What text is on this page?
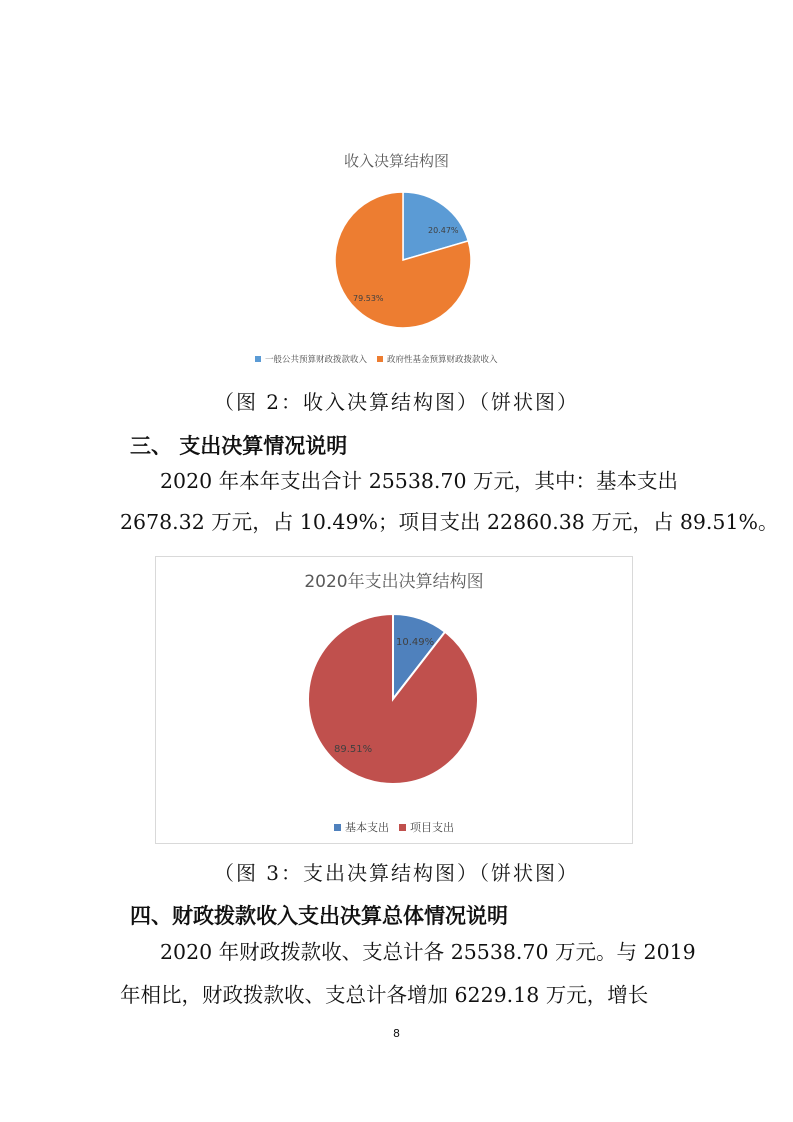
收入决算结构图
20.47%
79.53%
一般公共预算财政拨款收入 政府性基金预算财政拨款收入
（图 2：收入决算结构图）（饼状图）
三、 支出决算情况说明
2020 年本年支出合计 25538.70 万元，其中：基本支出
2678.32 万元，占 10.49%；项目支出 22860.38 万元，占 89.51%。
2020年支出决算结构图
10.49%
89.51%
基本支出 项目支出
（图 3：支出决算结构图）（饼状图）
四、财政拨款收入支出决算总体情况说明
2020 年财政拨款收、支总计各 25538.70 万元。与 2019
年相比，财政拨款收、支总计各增加 6229.18 万元，增长
8
